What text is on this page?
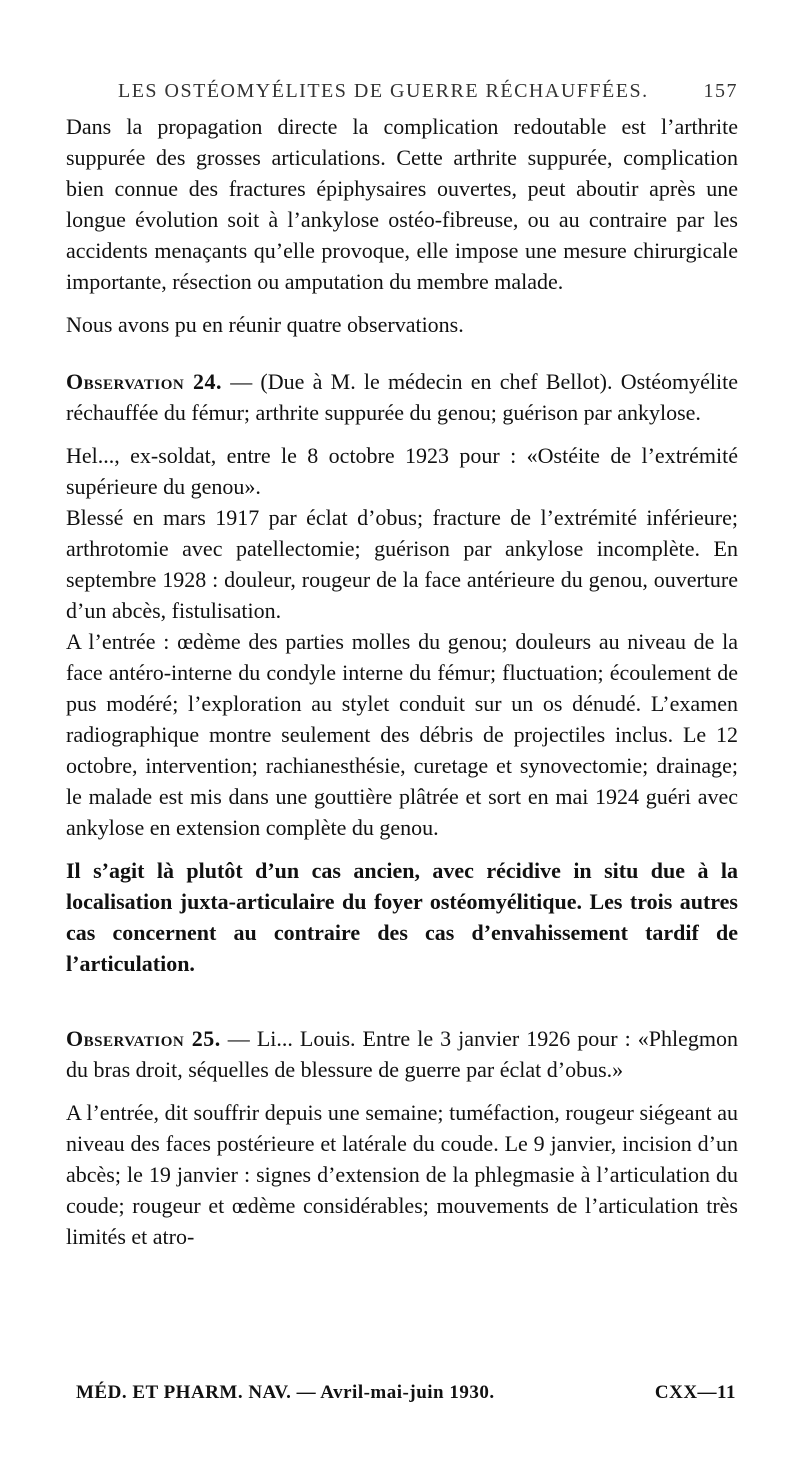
LES OSTÉOMYÉLITES DE GUERRE RÉCHAUFFÉES.	157

Dans la propagation directe la complication redoutable est l’arthrite suppurée des grosses articulations. Cette arthrite suppurée, complication bien connue des fractures épiphysaires ouvertes, peut aboutir après une longue évolution soit à l’ankylose ostéo-fibreuse, ou au contraire par les accidents menaçants qu’elle provoque, elle impose une mesure chirurgicale importante, résection ou amputation du membre malade.

Nous avons pu en réunir quatre observations.

Observation 24. — (Due à M. le médecin en chef Bellot). Ostéomyélite réchauffée du fémur; arthrite suppurée du genou; guérison par ankylose.

Hel..., ex-soldat, entre le 8 octobre 1923 pour : «Ostéite de l’extrémité supérieure du genou».

Blessé en mars 1917 par éclat d’obus; fracture de l’extrémité inférieure; arthrotomie avec patellectomie; guérison par ankylose incomplète. En septembre 1928 : douleur, rougeur de la face antérieure du genou, ouverture d’un abcès, fistulisation.

A l’entrée : œdème des parties molles du genou; douleurs au niveau de la face antéro-interne du condyle interne du fémur; fluctuation; écoulement de pus modéré; l’exploration au stylet conduit sur un os dénudé. L’examen radiographique montre seulement des débris de projectiles inclus. Le 12 octobre, intervention; rachianesthésie, curetage et synovectomie; drainage; le malade est mis dans une gouttière plâtrée et sort en mai 1924 guéri avec ankylose en extension complète du genou.

Il s’agit là plutôt d’un cas ancien, avec récidive in situ due à la localisation juxta-articulaire du foyer ostéomyélitique. Les trois autres cas concernent au contraire des cas d’envahissement tardif de l’articulation.

Observation 25. — Li... Louis. Entre le 3 janvier 1926 pour : «Phlegmon du bras droit, séquelles de blessure de guerre par éclat d’obus.»

A l’entrée, dit souffrir depuis une semaine; tuméfaction, rougeur siégeant au niveau des faces postérieure et latérale du coude. Le 9 janvier, incision d’un abcès; le 19 janvier : signes d’extension de la phlegmasie à l’articulation du coude; rougeur et œdème considérables; mouvements de l’articulation très limités et atro-

MÉD. ET PHARM. NAV. — Avril-mai-juin 1930.	CXX—11
